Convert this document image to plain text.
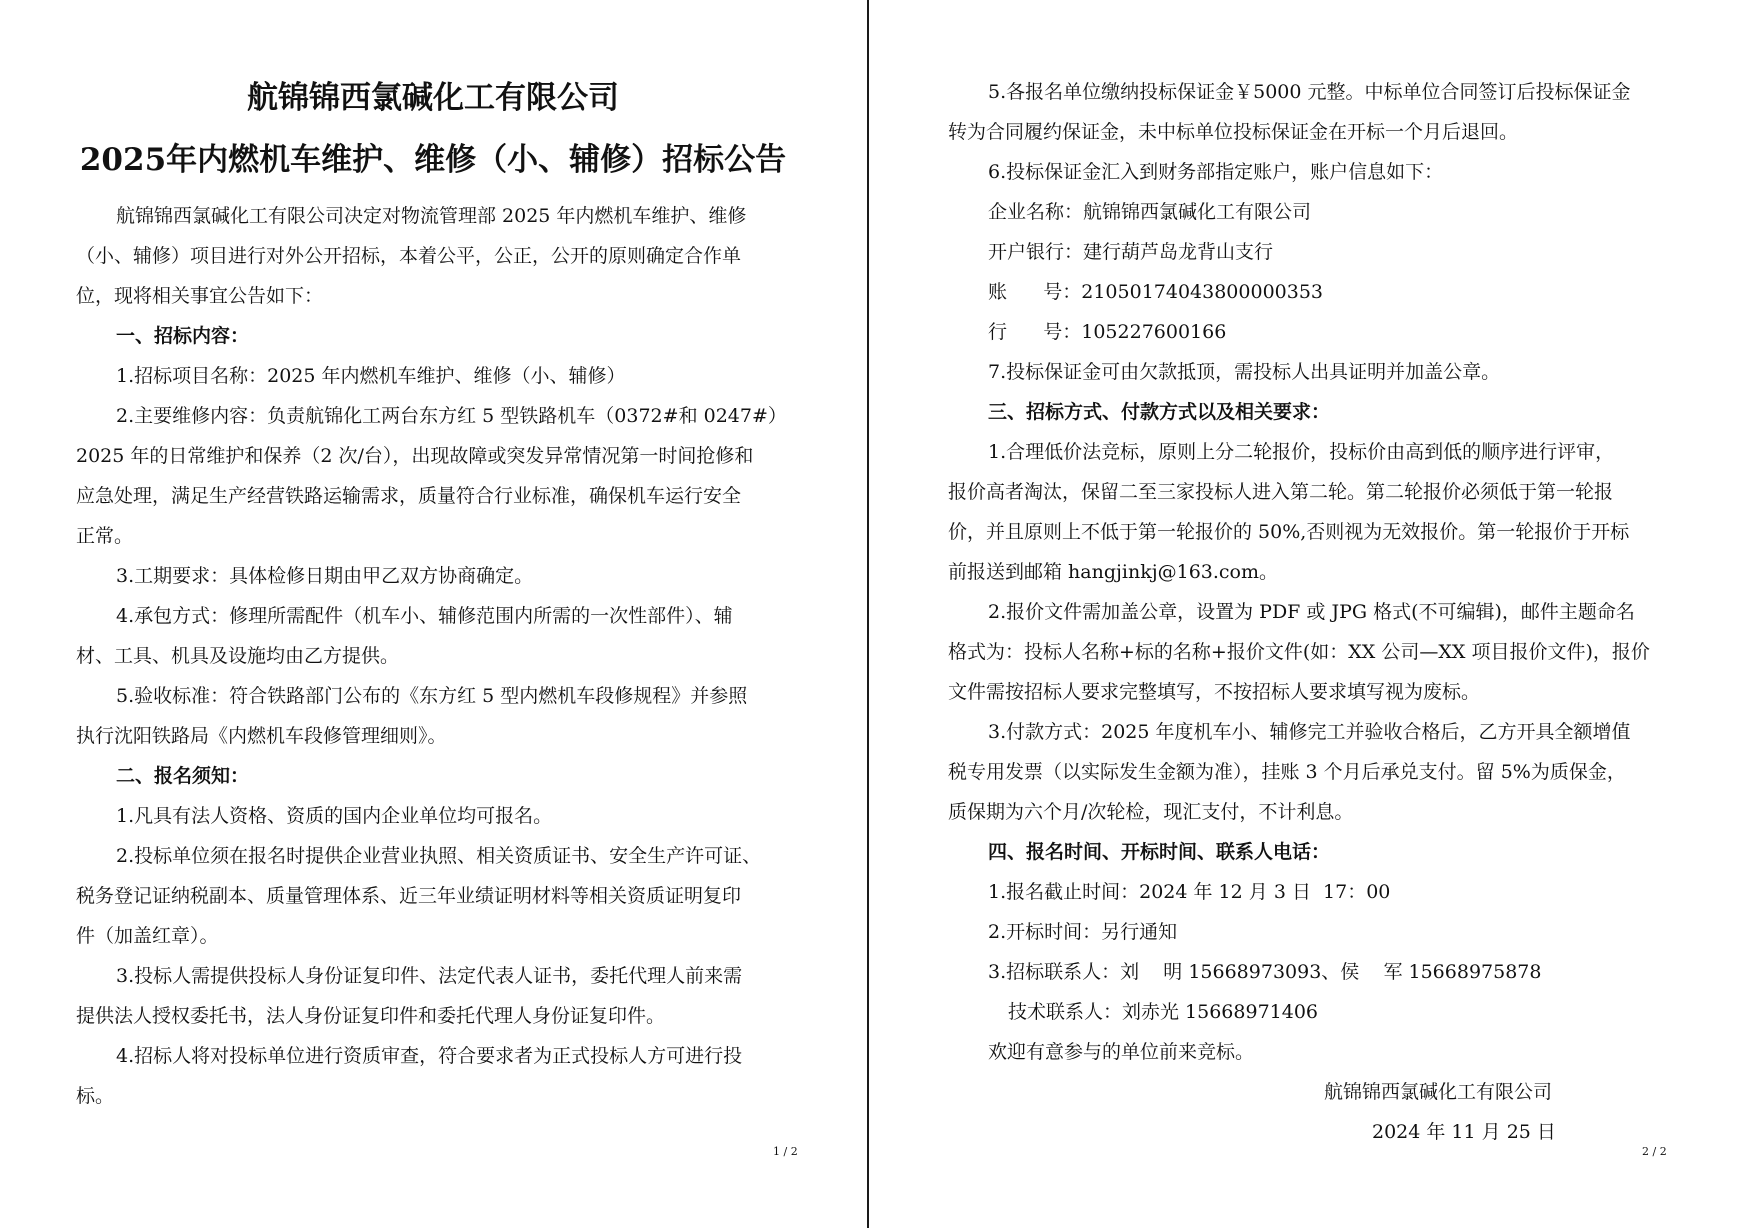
航锦锦西氯碱化工有限公司
2025年内燃机车维护、维修（小、辅修）招标公告
航锦锦西氯碱化工有限公司决定对物流管理部 2025 年内燃机车维护、维修
（小、辅修）项目进行对外公开招标，本着公平，公正，公开的原则确定合作单
位，现将相关事宜公告如下：
一、招标内容：
1.招标项目名称：2025 年内燃机车维护、维修（小、辅修）
2.主要维修内容：负责航锦化工两台东方红 5 型铁路机车（0372#和 0247#）
2025 年的日常维护和保养（2 次/台），出现故障或突发异常情况第一时间抢修和
应急处理，满足生产经营铁路运输需求，质量符合行业标准，确保机车运行安全
正常。
3.工期要求：具体检修日期由甲乙双方协商确定。
4.承包方式：修理所需配件（机车小、辅修范围内所需的一次性部件）、辅
材、工具、机具及设施均由乙方提供。
5.验收标准：符合铁路部门公布的《东方红 5 型内燃机车段修规程》并参照
执行沈阳铁路局《内燃机车段修管理细则》。
二、报名须知：
1.凡具有法人资格、资质的国内企业单位均可报名。
2.投标单位须在报名时提供企业营业执照、相关资质证书、安全生产许可证、
税务登记证纳税副本、质量管理体系、近三年业绩证明材料等相关资质证明复印
件（加盖红章）。
3.投标人需提供投标人身份证复印件、法定代表人证书，委托代理人前来需
提供法人授权委托书，法人身份证复印件和委托代理人身份证复印件。
4.招标人将对投标单位进行资质审查，符合要求者为正式投标人方可进行投
标。
1 / 2
5.各报名单位缴纳投标保证金￥5000 元整。中标单位合同签订后投标保证金
转为合同履约保证金，未中标单位投标保证金在开标一个月后退回。
6.投标保证金汇入到财务部指定账户，账户信息如下：
企业名称：航锦锦西氯碱化工有限公司
开户银行：建行葫芦岛龙背山支行
账      号：21050174043800000353
行      号：105227600166
7.投标保证金可由欠款抵顶，需投标人出具证明并加盖公章。
三、招标方式、付款方式以及相关要求：
1.合理低价法竞标，原则上分二轮报价，投标价由高到低的顺序进行评审，
报价高者淘汰，保留二至三家投标人进入第二轮。第二轮报价必须低于第一轮报
价，并且原则上不低于第一轮报价的 50%,否则视为无效报价。第一轮报价于开标
前报送到邮箱 hangjinkj@163.com。
2.报价文件需加盖公章，设置为 PDF 或 JPG 格式(不可编辑)，邮件主题命名
格式为：投标人名称+标的名称+报价文件(如：XX 公司—XX 项目报价文件)，报价
文件需按招标人要求完整填写，不按招标人要求填写视为废标。
3.付款方式：2025 年度机车小、辅修完工并验收合格后，乙方开具全额增值
税专用发票（以实际发生金额为准），挂账 3 个月后承兑支付。留 5%为质保金，
质保期为六个月/次轮检，现汇支付，不计利息。
四、报名时间、开标时间、联系人电话：
1.报名截止时间：2024 年 12 月 3 日  17：00
2.开标时间：另行通知
3.招标联系人：刘    明 15668973093、侯    军 15668975878
技术联系人：刘赤光 15668971406
欢迎有意参与的单位前来竞标。
航锦锦西氯碱化工有限公司
2024 年 11 月 25 日
2 / 2
